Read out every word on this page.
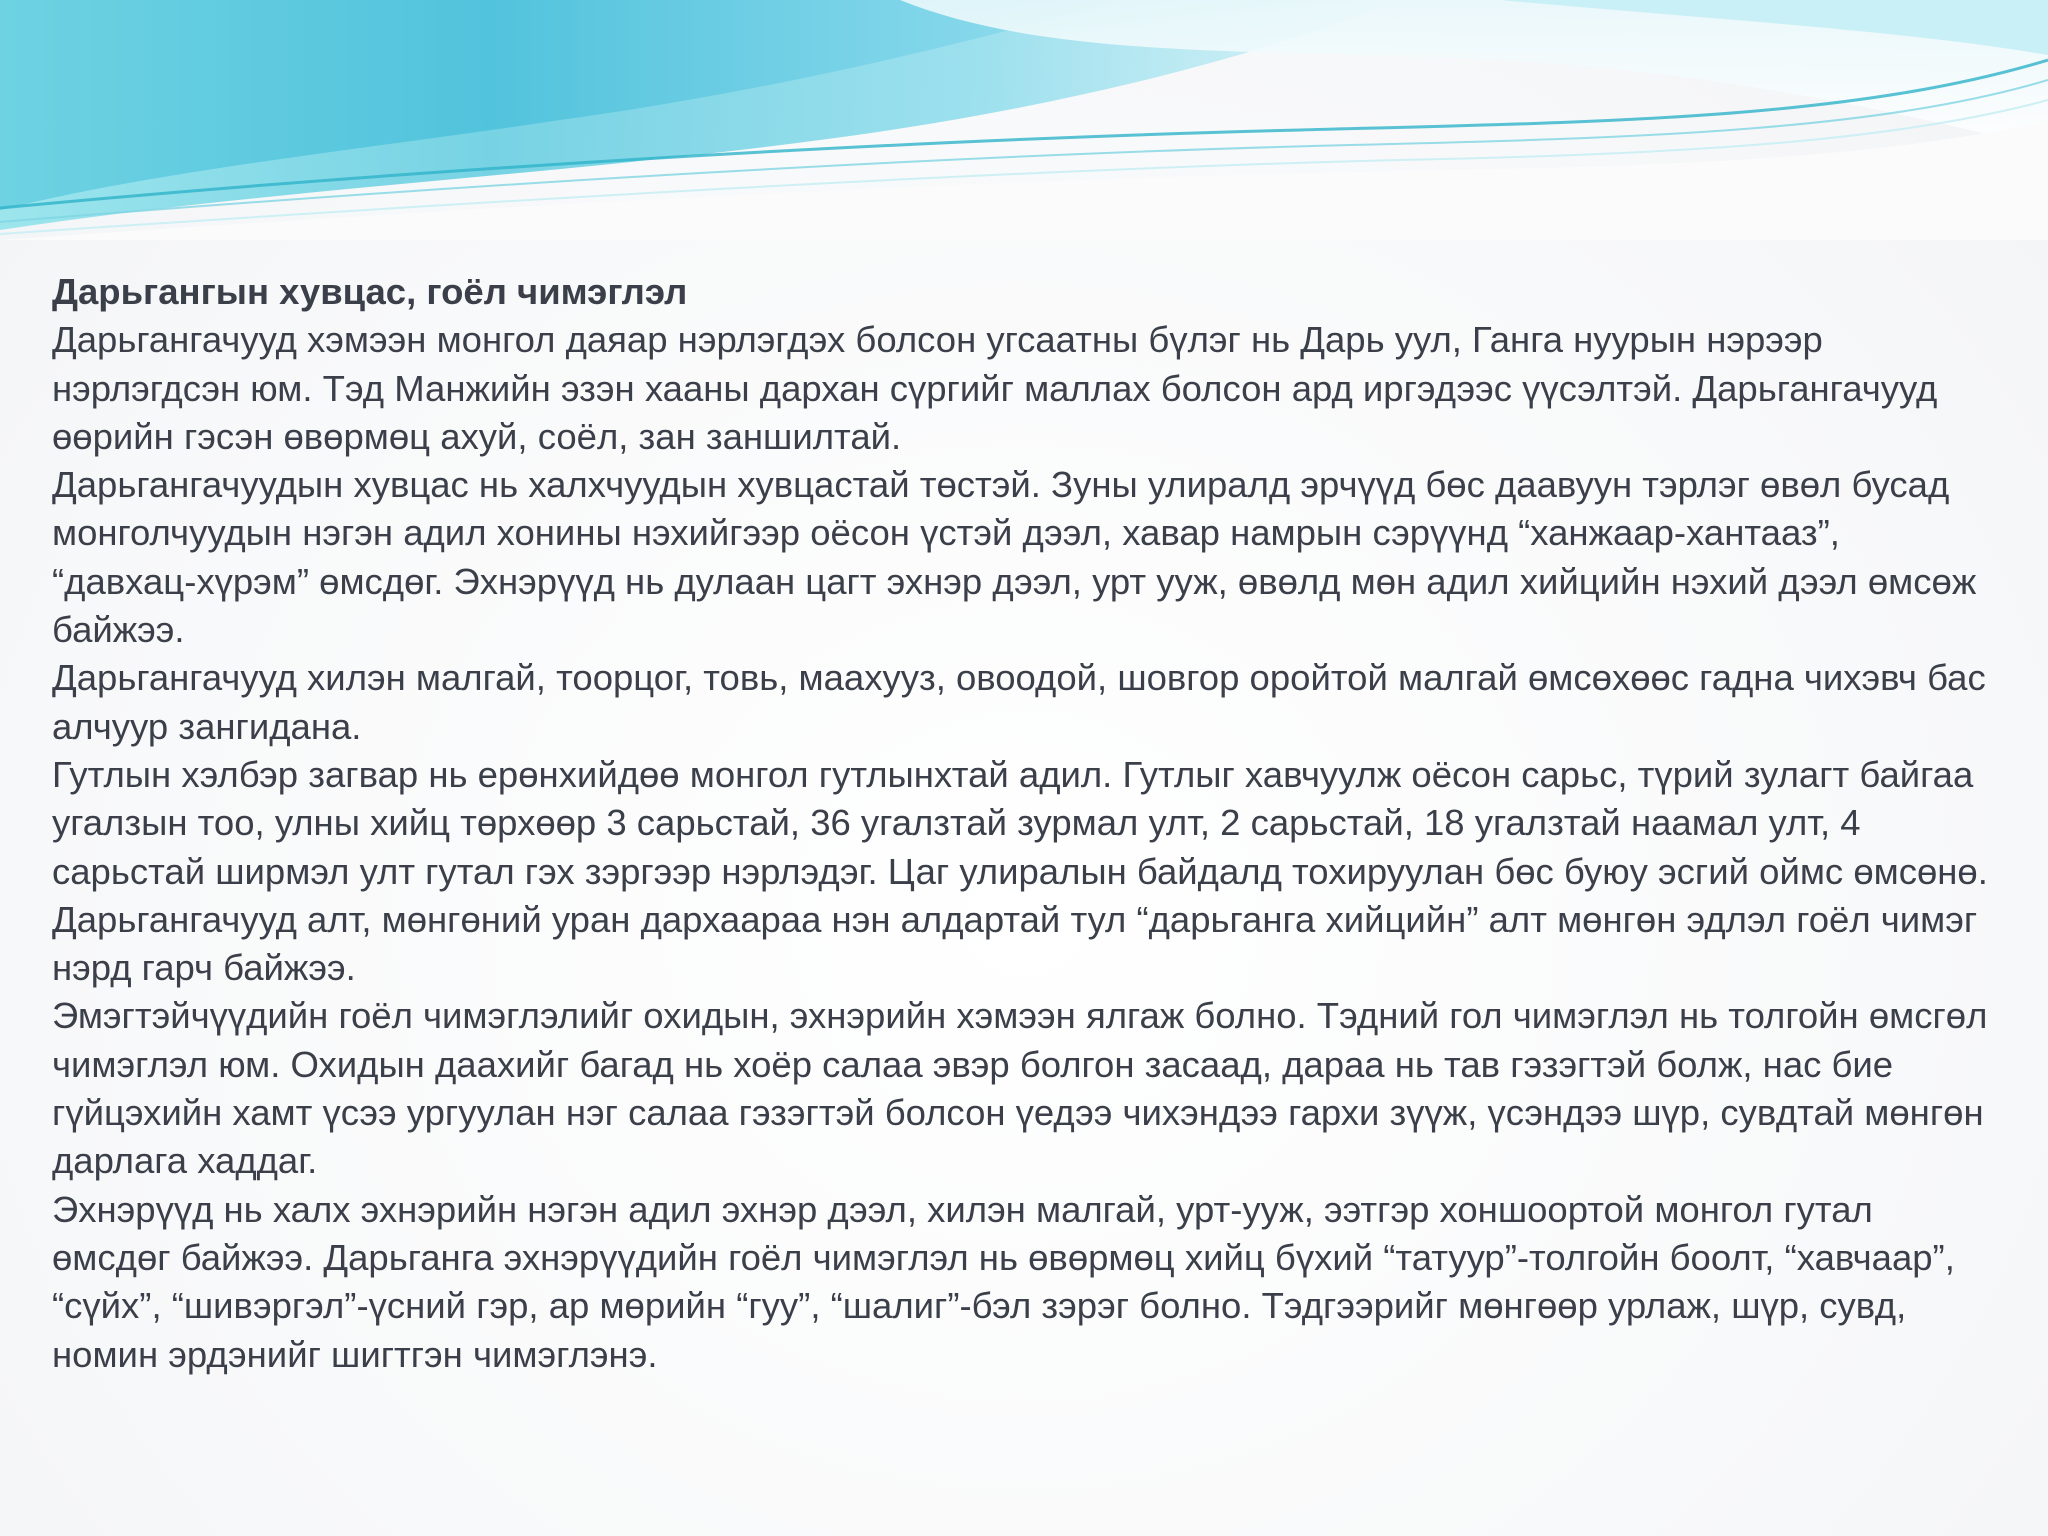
Дарьгангын хувцас, гоёл чимэглэл

Дарьгангачууд хэмээн монгол даяар нэрлэгдэх болсон угсаатны бүлэг нь Дарь уул, Ганга нуурын нэрээр нэрлэгдсэн юм. Тэд Манжийн эзэн хааны дархан сүргийг маллах болсон ард иргэдээс үүсэлтэй. Дарьгангачууд өөрийн гэсэн өвөрмөц ахуй, соёл, зан заншилтай.

Дарьгангачуудын хувцас нь халхчуудын хувцастай төстэй. Зуны улиралд эрчүүд бөс даавуун тэрлэг өвөл бусад монголчуудын нэгэн адил хонины нэхийгээр оёсон үстэй дээл, хавар намрын сэрүүнд “ханжаар-хантааз”, “давхац-хүрэм” өмсдөг. Эхнэрүүд нь дулаан цагт эхнэр дээл, урт ууж, өвөлд мөн адил хийцийн нэхий дээл өмсөж байжээ.

Дарьгангачууд хилэн малгай, тоорцог, товь, маахууз, овоодой, шовгор оройтой малгай өмсөхөөс гадна чихэвч бас алчуур зангидана.

Гутлын хэлбэр загвар нь ерөнхийдөө монгол гутлынхтай адил. Гутлыг хавчуулж оёсон сарьс, түрий зулагт байгаа угалзын тоо, улны хийц төрхөөр 3 сарьстай, 36 угалзтай зурмал улт, 2 сарьстай, 18 угалзтай наамал улт, 4 сарьстай ширмэл улт гутал гэх зэргээр нэрлэдэг. Цаг улиралын байдалд тохируулан бөс буюу эсгий оймс өмсөнө.

Дарьгангачууд алт, мөнгөний уран дархаараа нэн алдартай тул “дарьганга хийцийн” алт мөнгөн эдлэл гоёл чимэг нэрд гарч байжээ.

Эмэгтэйчүүдийн гоёл чимэглэлийг охидын, эхнэрийн хэмээн ялгаж болно. Тэдний гол чимэглэл нь толгойн өмсгөл чимэглэл юм. Охидын даахийг багад нь хоёр салаа эвэр болгон засаад, дараа нь тав гэзэгтэй болж, нас бие гүйцэхийн хамт үсээ ургуулан нэг салаа гэзэгтэй болсон үедээ чихэндээ гархи зүүж, үсэндээ шүр, сувдтай мөнгөн дарлага хаддаг.

Эхнэрүүд нь халх эхнэрийн нэгэн адил эхнэр дээл, хилэн малгай, урт-ууж, ээтгэр хоншоортой монгол гутал өмсдөг байжээ. Дарьганга эхнэрүүдийн гоёл чимэглэл нь өвөрмөц хийц бүхий “татуур”-толгойн боолт, “хавчаар”, “сүйх”, “шивэргэл”-үсний гэр, ар мөрийн “гуу”, “шалиг”-бэл зэрэг болно. Тэдгээрийг мөнгөөр урлаж, шүр, сувд, номин эрдэнийг шигтгэн чимэглэнэ.
